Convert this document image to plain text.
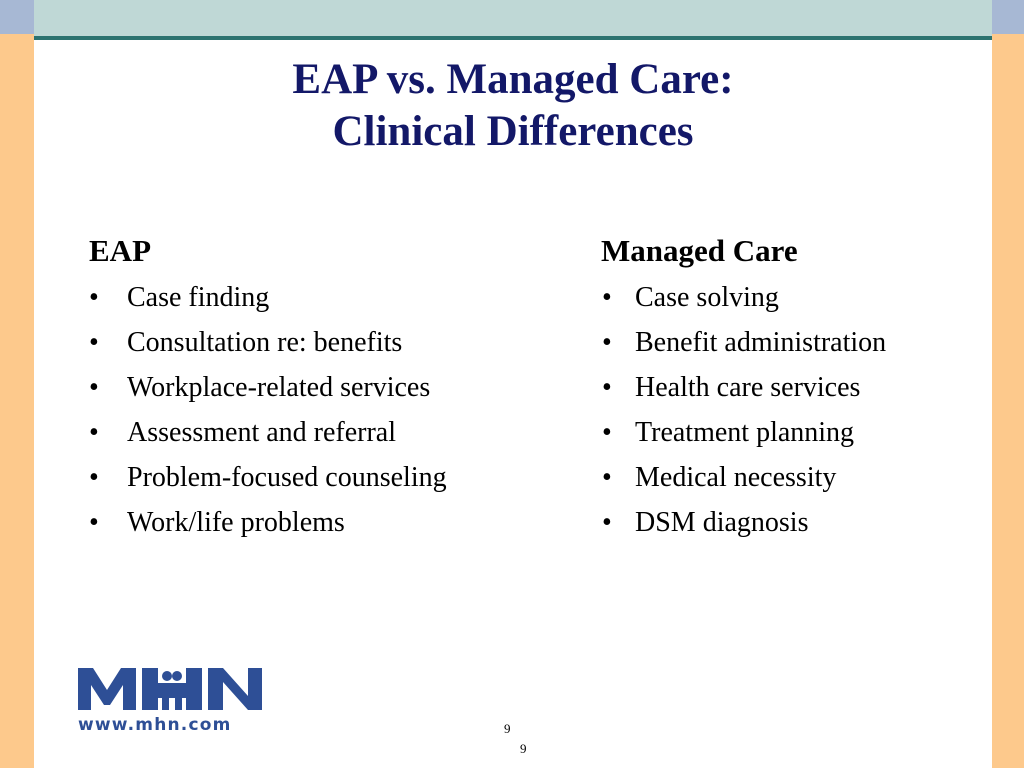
EAP vs. Managed Care:
Clinical Differences
EAP
•	Case finding
•	Consultation re: benefits
•	Workplace-related services
•	Assessment and referral
•	Problem-focused counseling
•	Work/life problems
Managed Care
• Case solving
• Benefit administration
• Health care services
• Treatment planning
• Medical necessity
• DSM diagnosis
www.mhn.com	9
9
